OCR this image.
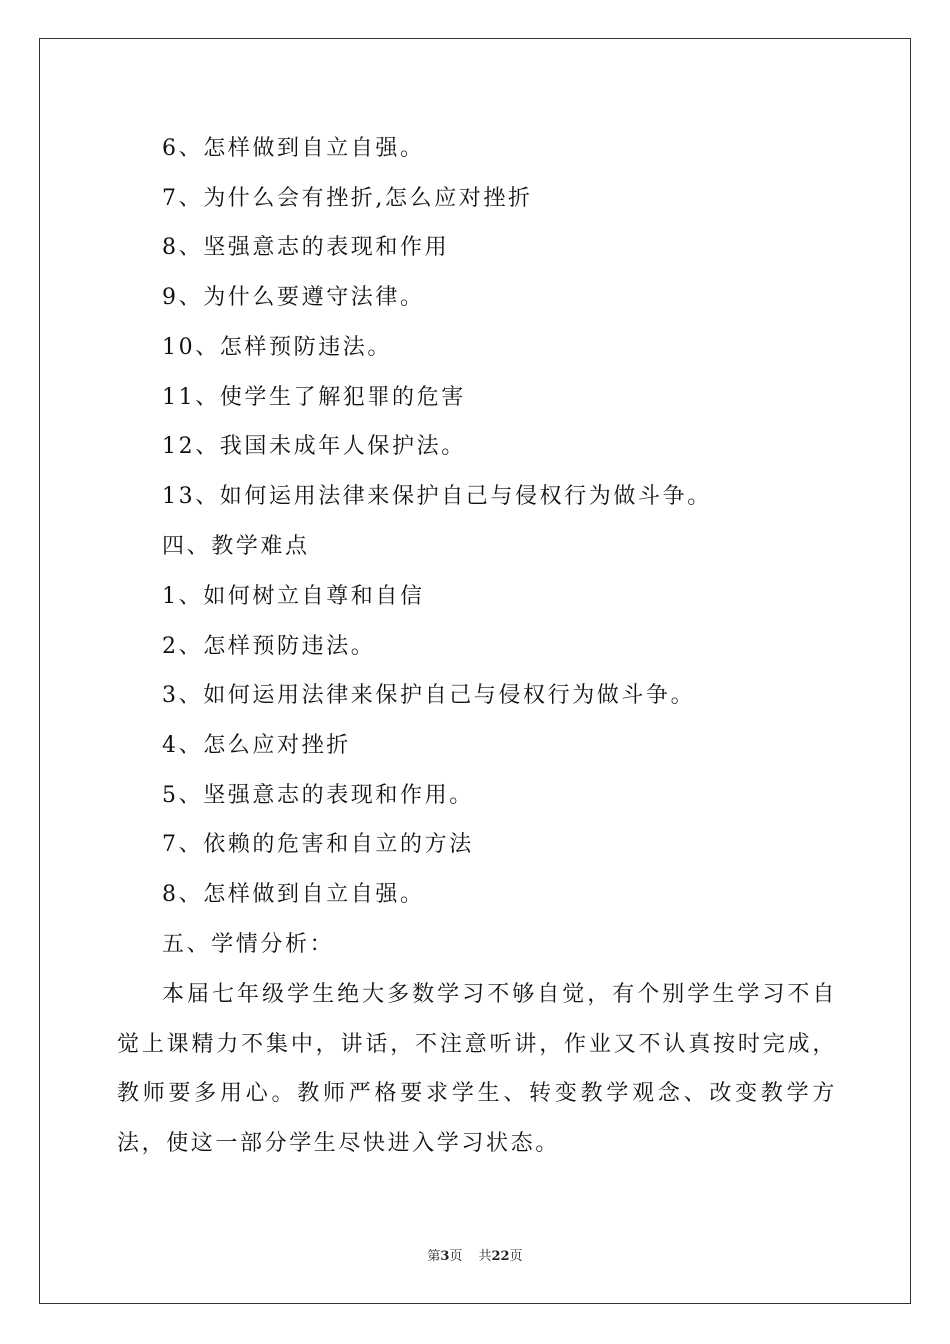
6、怎样做到自立自强。
7、为什么会有挫折,怎么应对挫折
8、坚强意志的表现和作用
9、为什么要遵守法律。
10、怎样预防违法。
11、使学生了解犯罪的危害
12、我国未成年人保护法。
13、如何运用法律来保护自己与侵权行为做斗争。
四、教学难点
1、如何树立自尊和自信
2、怎样预防违法。
3、如何运用法律来保护自己与侵权行为做斗争。
4、怎么应对挫折
5、坚强意志的表现和作用。
7、依赖的危害和自立的方法
8、怎样做到自立自强。
五、学情分析：
本届七年级学生绝大多数学习不够自觉，有个别学生学习不自觉上课精力不集中，讲话，不注意听讲，作业又不认真按时完成，教师要多用心。教师严格要求学生、转变教学观念、改变教学方法，使这一部分学生尽快进入学习状态。
第3页 共22页
